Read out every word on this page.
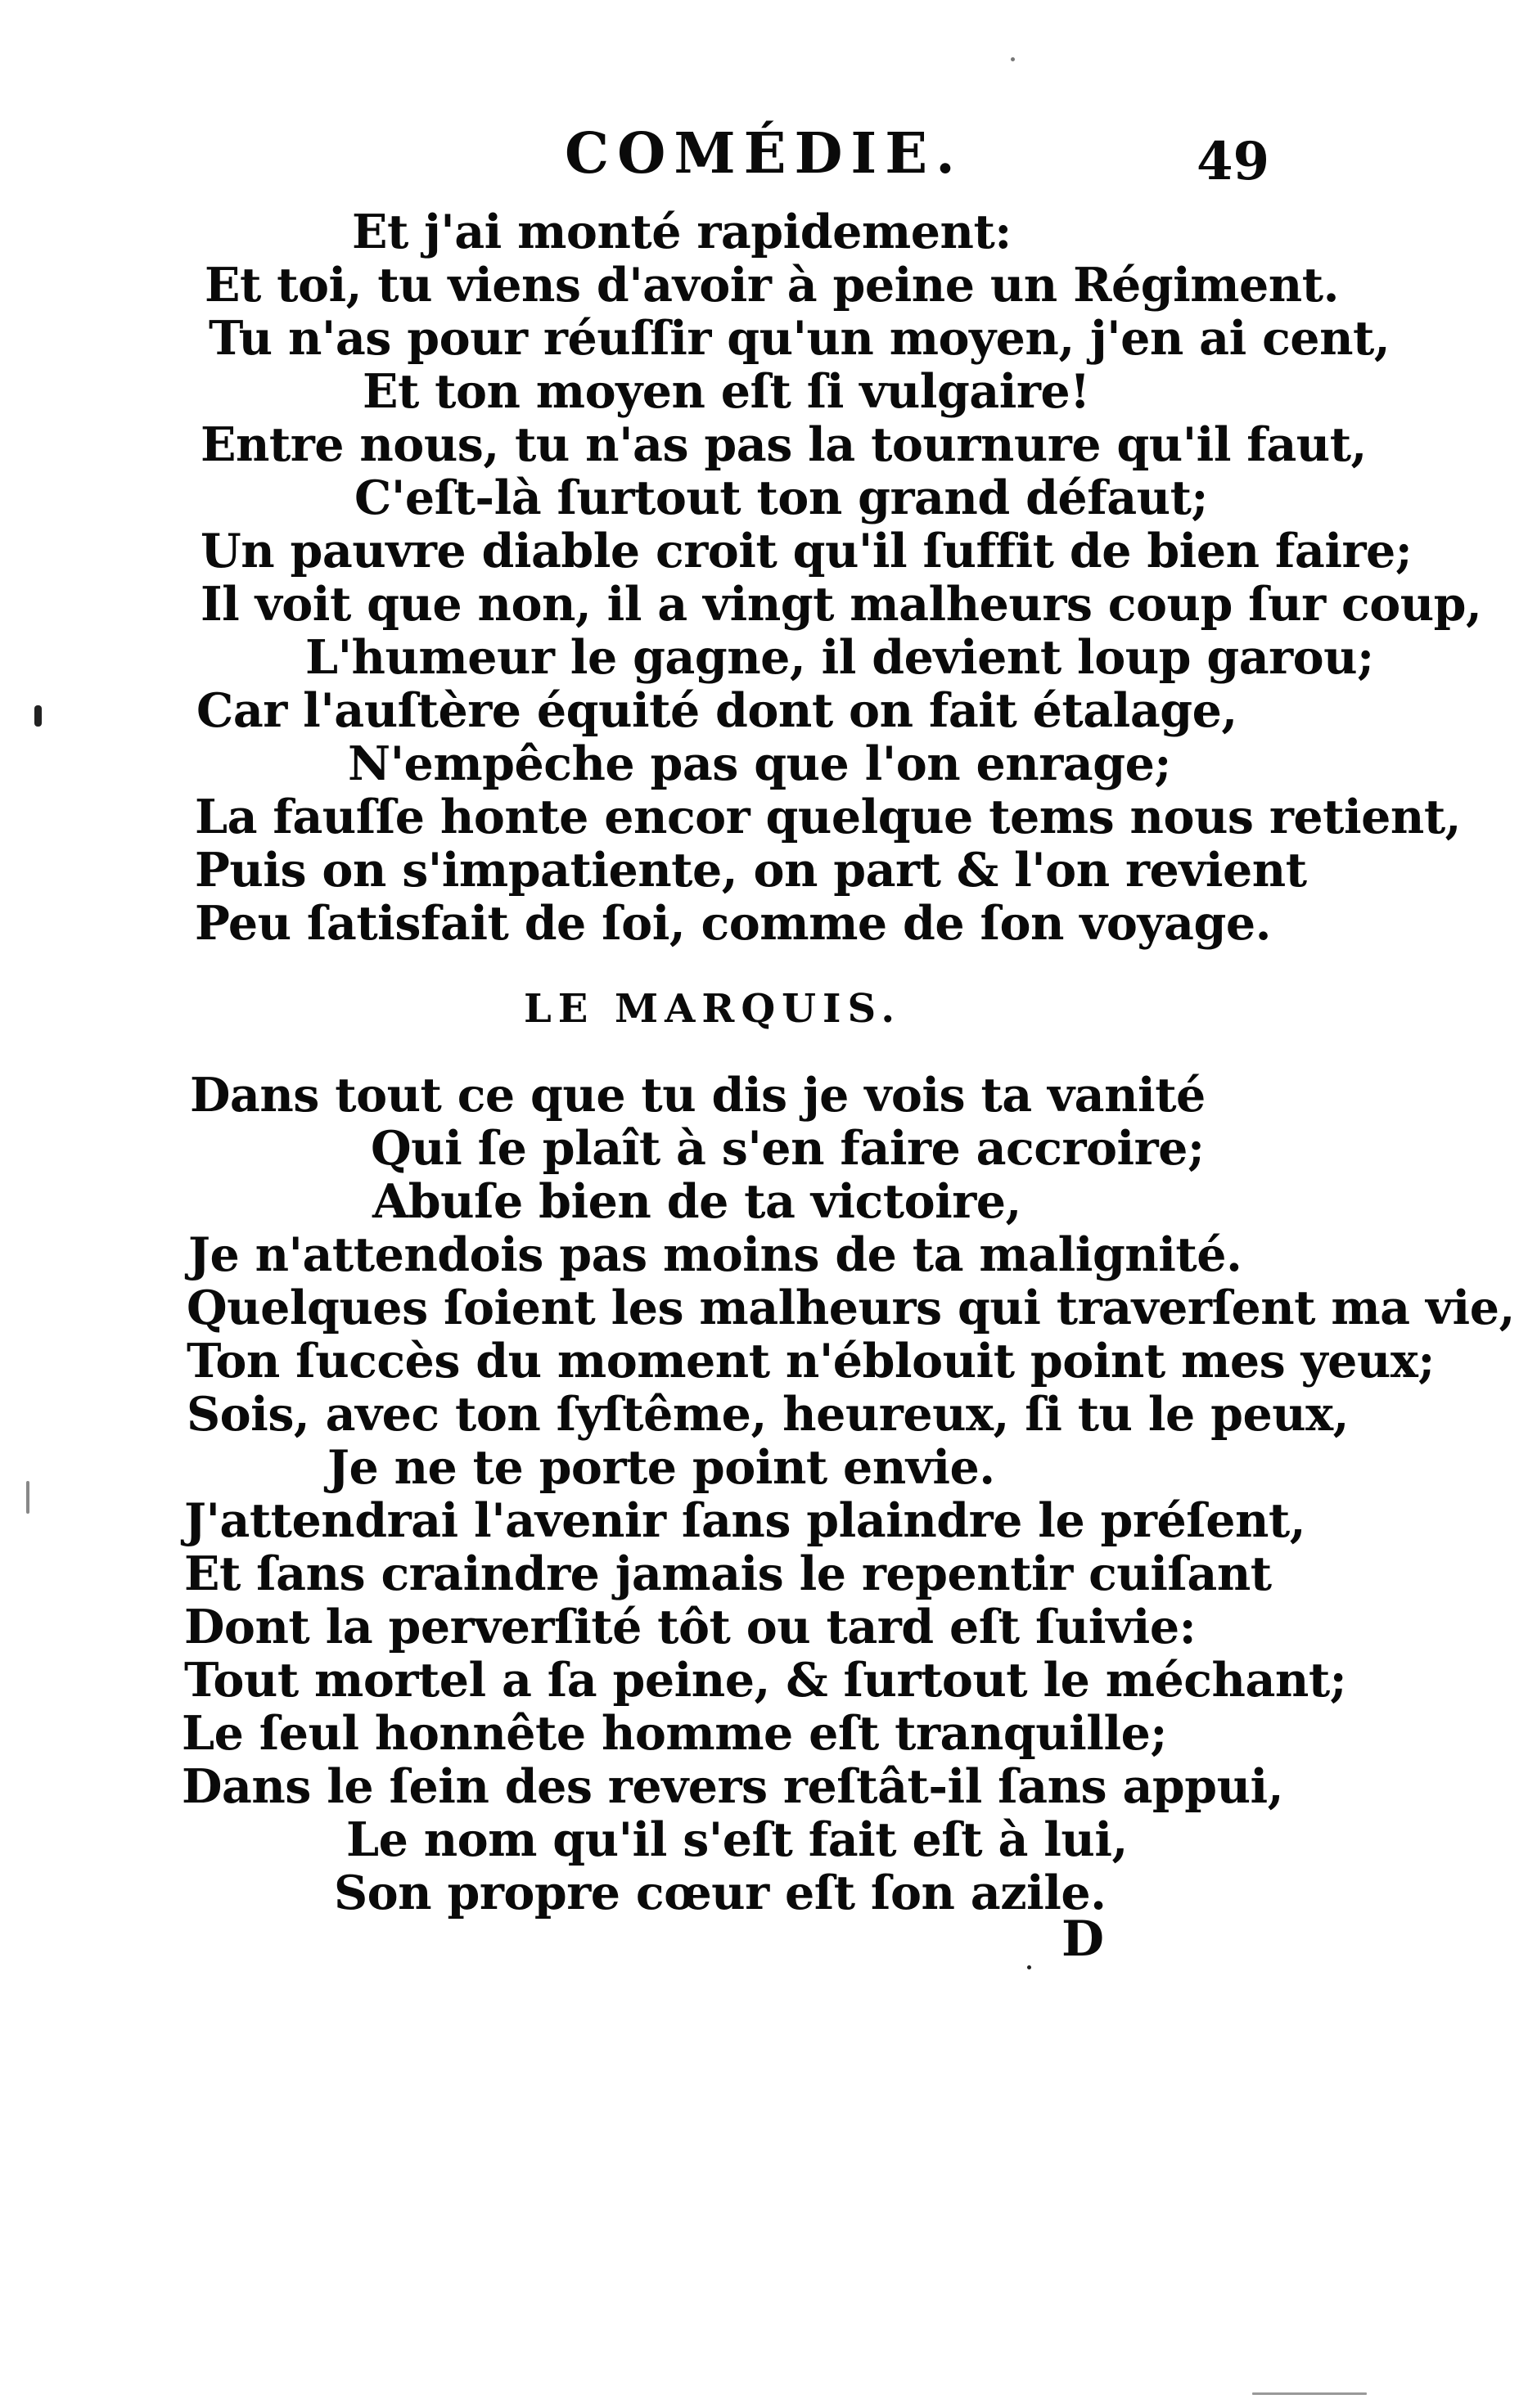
COMÉDIE.	49
Et j'ai monté rapidement:
Et toi, tu viens d'avoir à peine un Régiment.
Tu n'as pour réuſſir qu'un moyen, j'en ai cent,
Et ton moyen eſt ſi vulgaire!
Entre nous, tu n'as pas la tournure qu'il faut,
C'eſt-là ſurtout ton grand défaut;
Un pauvre diable croit qu'il ſuffit de bien faire;
Il voit que non, il a vingt malheurs coup ſur coup,
L'humeur le gagne, il devient loup garou;
Car l'auſtère équité dont on fait étalage,
N'empêche pas que l'on enrage;
La fauſſe honte encor quelque tems nous retient,
Puis on s'impatiente, on part & l'on revient
Peu ſatisfait de ſoi, comme de ſon voyage.
LE MARQUIS.
Dans tout ce que tu dis je vois ta vanité
Qui ſe plaît à s'en faire accroire;
Abuſe bien de ta victoire,
Je n'attendois pas moins de ta malignité.
Quelques ſoient les malheurs qui traverſent ma vie,
Ton ſuccès du moment n'éblouit point mes yeux;
Sois, avec ton ſyſtême, heureux, ſi tu le peux,
Je ne te porte point envie.
J'attendrai l'avenir ſans plaindre le préſent,
Et ſans craindre jamais le repentir cuiſant
Dont la perverſité tôt ou tard eſt ſuivie:
Tout mortel a ſa peine, & ſurtout le méchant;
Le ſeul honnête homme eſt tranquille;
Dans le ſein des revers reſtât-il ſans appui,
Le nom qu'il s'eſt fait eſt à lui,
Son propre cœur eſt ſon azile.
D
